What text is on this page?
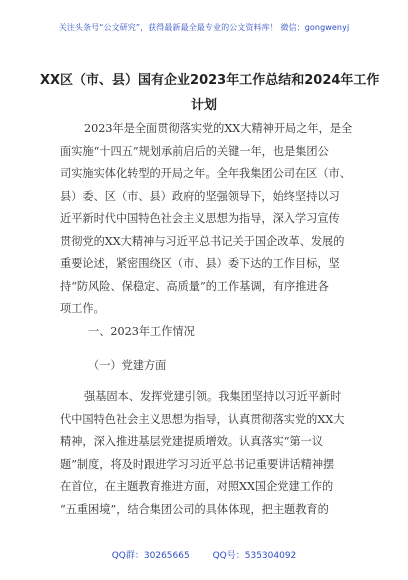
关注头条号“公文研究”，获得最新最全最专业的公文资料库！ 微信：gongwenyj
XX区（市、县）国有企业2023年工作总结和2024年工作
计划
2023年是全面贯彻落实党的XX大精神开局之年，是全
面实施“十四五”规划承前启后的关键一年，也是集团公
司实施实体化转型的开局之年。全年我集团公司在区（市、
县）委、区（市、县）政府的坚强领导下，始终坚持以习
近平新时代中国特色社会主义思想为指导，深入学习宣传
贯彻党的XX大精神与习近平总书记关于国企改革、发展的
重要论述，紧密围绕区（市、县）委下达的工作目标，坚
持“防风险、保稳定、高质量”的工作基调，有序推进各
项工作。
一、2023年工作情况
（一）党建方面
强基固本、发挥党建引领。我集团坚持以习近平新时
代中国特色社会主义思想为指导，认真贯彻落实党的XX大
精神，深入推进基层党建提质增效。认真落实“第一议
题”制度，将及时跟进学习习近平总书记重要讲话精神摆
在首位，在主题教育推进方面，对照XX国企党建工作的
“五重困境”，结合集团公司的具体体现，把主题教育的
QQ群：30265665	QQ号：535304092
